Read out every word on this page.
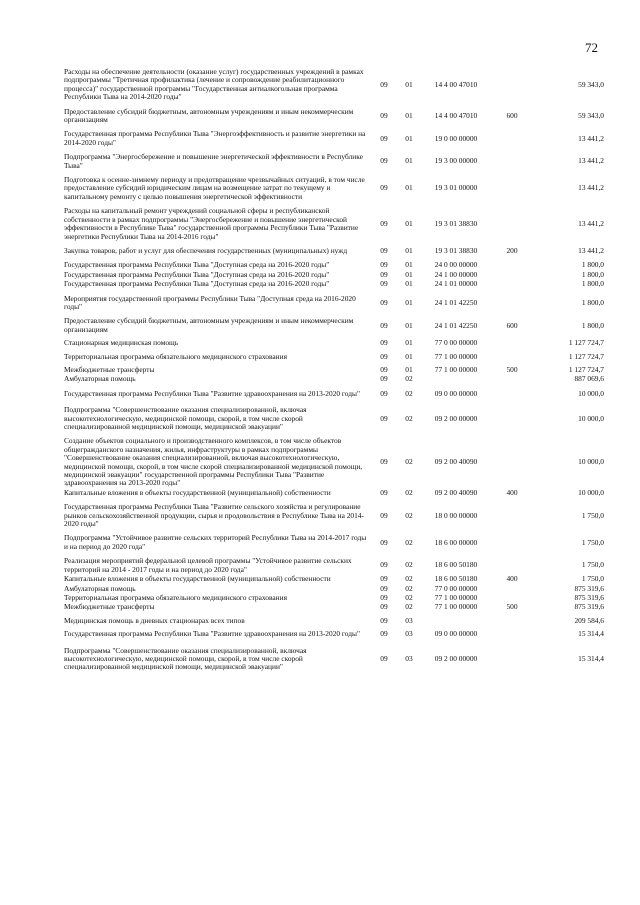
72
Расходы на обеспечение деятельности (оказание услуг) государственных учреждений в рамках подпрограммы "Третичная профилактика (лечение и сопровождение реабилитационного процесса)" государственной программы "Государственная антиалкогольная программа Республики Тыва на 2014-2020 годы"
09	01	14 4 00 47010	59 343,0
Предоставление субсидий бюджетным, автономным учреждениям и иным некоммерческим организациям	09	01	14 4 00 47010	600	59 343,0
Государственная программа Республики Тыва "Энергоэффективность и развитие энергетики на 2014-2020 годы"	09	01	19 0 00 00000	13 441,2
Подпрограмма "Энергосбережение и повышение энергетической эффективности в Республике Тыва"	09	01	19 3 00 00000	13 441,2
Подготовка к осенне-зимнему периоду и предотвращение чрезвычайных ситуаций, в том числе предоставление субсидий юридическим лицам на возмещение затрат по текущему и капитальному ремонту с целью повышения энергетической эффективности
09	01	19 3 01 00000	13 441,2
Расходы на капитальный ремонт учреждений социальной сферы и республиканской собственности в рамках подпрограммы "Энергосбережение и повышение энергетической эффективности в Республике Тыва" государственной программы Республики Тыва "Развитие энергетики Республики Тыва на 2014-2016 годы"
09	01	19 3 01 38830	13 441,2
Закупка товаров, работ и услуг для обеспечения государственных (муниципальных) нужд	09	01	19 3 01 38830	200	13 441,2
Государственная программа Республики Тыва "Доступная среда на 2016-2020 годы"	09	01	24 0 00 00000	1 800,0
Государственная программа Республики Тыва "Доступная среда на 2016-2020 годы"	09	01	24 1 00 00000	1 800,0
Государственная программа Республики Тыва "Доступная среда на 2016-2020 годы"	09	01	24 1 01 00000	1 800,0
Мероприятия государственной программы Республики Тыва "Доступная среда на 2016-2020 годы"	09	01	24 1 01 42250	1 800,0
Предоставление субсидий бюджетным, автономным учреждениям и иным некоммерческим организациям	09	01	24 1 01 42250	600	1 800,0
Стационарная медицинская помощь	09	01	77 0 00 00000	1 127 724,7
Территориальная программа обязательного медицинского страхования	09	01	77 1 00 00000	1 127 724,7
Межбюджетные трансферты	09	01	77 1 00 00000	500	1 127 724,7
Амбулаторная помощь	09	02	887 069,6
Государственная программа Республики Тыва "Развитие здравоохранения на 2013-2020 годы"	09	02	09 0 00 00000	10 000,0
Подпрограмма "Совершенствование оказания специализированной, включая высокотехнологическую, медицинской помощи, скорой, в том числе скорой специализированной медицинской помощи, медицинской эвакуации"
09	02	09 2 00 00000	10 000,0
Создание объектов социального и производственного комплексов, в том числе объектов общегражданского назначения, жилья, инфраструктуры в рамках подпрограммы "Совершенствование оказания специализированной, включая высокотехнологическую, медицинской помощи, скорой, в том числе скорой специализированной медицинской помощи, медицинской эвакуации" государственной программы Республики Тыва "Развитие здравоохранения на 2013-2020 годы"
09	02	09 2 00 40090	10 000,0
Капитальные вложения в объекты государственной (муниципальной) собственности	09	02	09 2 00 40090	400	10 000,0
Государственная программа Республики Тыва "Развитие сельского хозяйства и регулирование рынков сельскохозяйственной продукции, сырья и продовольствия в Республике Тыва на 2014-2020 годы"
09	02	18 0 00 00000	1 750,0
Подпрограмма "Устойчивое развитие сельских территорий Республики Тыва на 2014-2017 годы и на период до 2020 года"	09	02	18 6 00 00000	1 750,0
Реализация мероприятий федеральной целевой программы "Устойчивое развитие сельских территорий на 2014 - 2017 годы и на период до 2020 года"	09	02	18 6 00 50180	1 750,0
Капитальные вложения в объекты государственной (муниципальной) собственности	09	02	18 6 00 50180	400	1 750,0
Амбулаторная помощь	09	02	77 0 00 00000	875 319,6
Территориальная программа обязательного медицинского страхования	09	02	77 1 00 00000	875 319,6
Межбюджетные трансферты	09	02	77 1 00 00000	500	875 319,6
Медицинская помощь в дневных стационарах всех типов	09	03	209 584,6
Государственная программа Республики Тыва "Развитие здравоохранения на 2013-2020 годы"	09	03	09 0 00 00000	15 314,4
Подпрограмма "Совершенствование оказания специализированной, включая высокотехнологическую, медицинской помощи, скорой, в том числе скорой специализированной медицинской помощи, медицинской эвакуации"
09	03	09 2 00 00000	15 314,4
